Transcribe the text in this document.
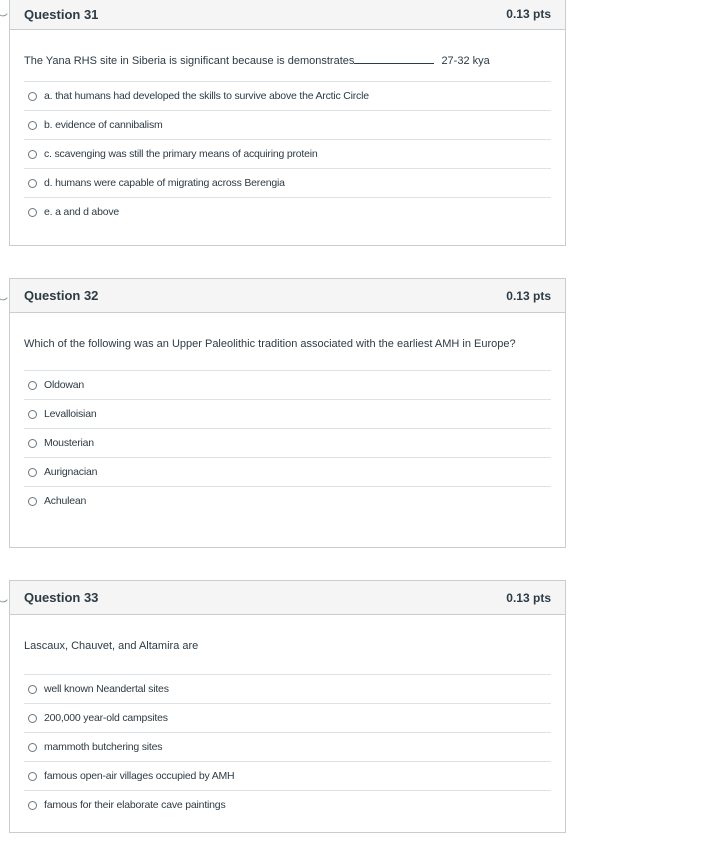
Question 31	0.13 pts
The Yana RHS site in Siberia is significant because is demonstrates	27-32 kya
a. that humans had developed the skills to survive above the Arctic Circle
b. evidence of cannibalism
c. scavenging was still the primary means of acquiring protein
d. humans were capable of migrating across Berengia
e. a and d above
Question 32	0.13 pts
Which of the following was an Upper Paleolithic tradition associated with the earliest AMH in Europe?
Oldowan
Levalloisian
Mousterian
Aurignacian
Achulean
Question 33	0.13 pts
Lascaux, Chauvet, and Altamira are
well known Neandertal sites
200,000 year-old campsites
mammoth butchering sites
famous open-air villages occupied by AMH
famous for their elaborate cave paintings
